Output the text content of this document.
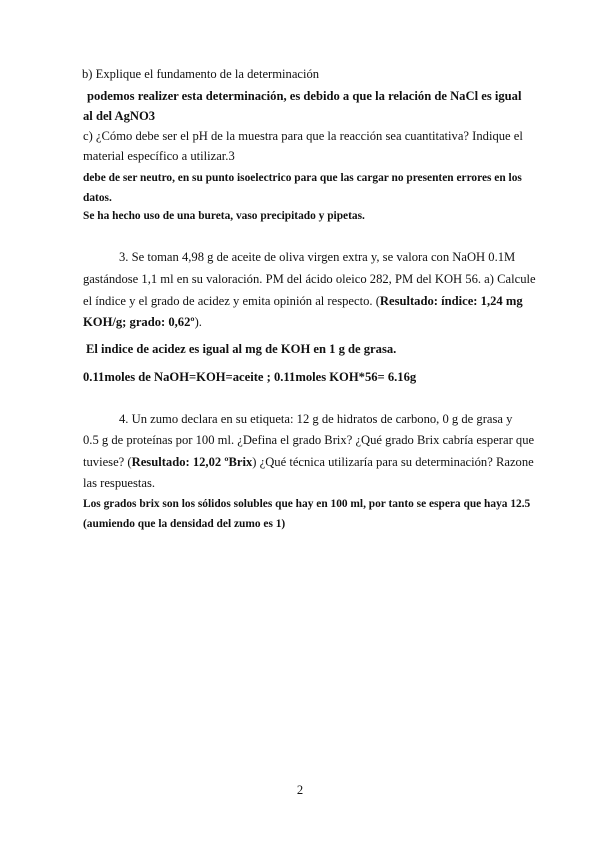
b) Explique el fundamento de la determinación
podemos realizer esta determinación, es debido a que la relación de NaCl es igual
al del AgNO3
c) ¿Cómo debe ser el pH de la muestra para que la reacción sea cuantitativa? Indique el
material específico a utilizar.3
debe de ser neutro, en su punto isoelectrico para que las cargar no presenten errores en los
datos.
Se ha hecho uso de una bureta, vaso precipitado y pipetas.
3. Se toman 4,98 g de aceite de oliva virgen extra y, se valora con NaOH 0.1M
gastándose 1,1 ml en su valoración. PM del ácido oleico 282, PM del KOH 56. a) Calcule
el índice y el grado de acidez y emita opinión al respecto. (Resultado: índice: 1,24 mg
KOH/g; grado: 0,62º).
El indice de acidez es igual al mg de KOH en 1 g de grasa.
0.11moles de NaOH=KOH=aceite ; 0.11moles KOH*56= 6.16g
4. Un zumo declara en su etiqueta: 12 g de hidratos de carbono, 0 g de grasa y
0.5 g de proteínas por 100 ml. ¿Defina el grado Brix? ¿Qué grado Brix cabría esperar que
tuviese? (Resultado: 12,02 ºBrix) ¿Qué técnica utilizaría para su determinación? Razone
las respuestas.
Los grados brix son los sólidos solubles que hay en 100 ml, por tanto se espera que haya 12.5
(aumiendo que la densidad del zumo es 1)
2
